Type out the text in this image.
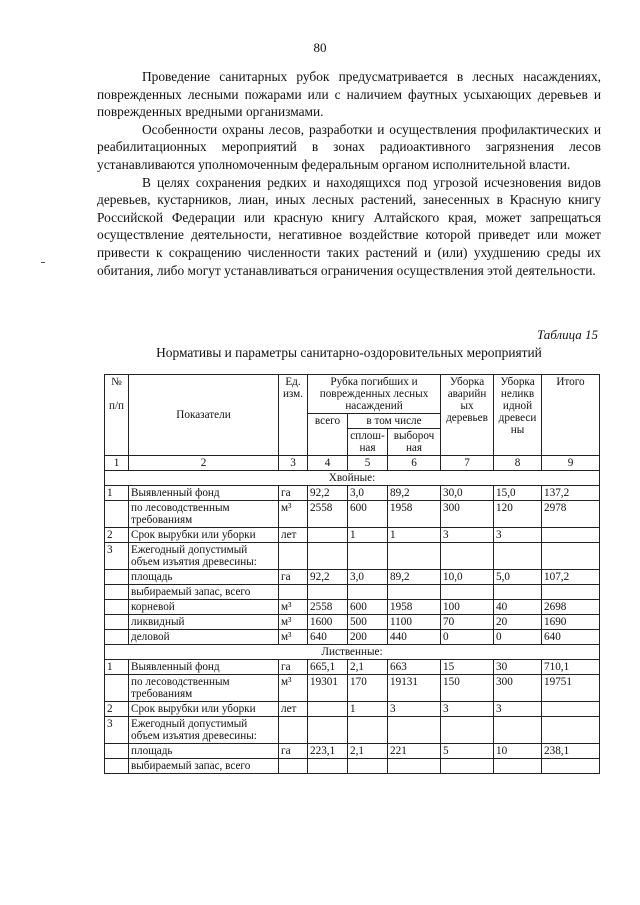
80

Проведение санитарных рубок предусматривается в лесных насаждениях, поврежденных лесными пожарами или с наличием фаутных усыхающих деревьев и поврежденных вредными организмами.

Особенности охраны лесов, разработки и осуществления профилактических и реабилитационных мероприятий в зонах радиоактивного загрязнения лесов устанавливаются уполномоченным федеральным органом исполнительной власти.

В целях сохранения редких и находящихся под угрозой исчезновения видов деревьев, кустарников, лиан, иных лесных растений, занесенных в Красную книгу Российской Федерации или красную книгу Алтайского края, может запрещаться осуществление деятельности, негативное воздействие которой приведет или может привести к сокращению численности таких растений и (или) ухудшению среды их обитания, либо могут устанавливаться ограничения осуществления этой деятельности.

Таблица 15
Нормативы и параметры санитарно-оздоровительных мероприятий
№

п/п	Показатели	Ед. изм.	Рубка погибших и поврежденных лесных насаждений			Уборка аварийн ых деревьев	Уборка неликв идной древеси ны	Итого
			всего	в том числе				
				сплош-ная	выбороч ная			
1	2	3	4	5	6	7	8	9
Хвойные:								
1	Выявленный фонд	га	92,2	3,0	89,2	30,0	15,0	137,2
	по лесоводственным требованиям	м³	2558	600	1958	300	120	2978
2	Срок вырубки или уборки	лет		1	1	3	3	
3	Ежегодный допустимый объем изъятия древесины:							
	площадь	га	92,2	3,0	89,2	10,0	5,0	107,2
	выбираемый запас, всего							
	корневой	м³	2558	600	1958	100	40	2698
	ликвидный	м³	1600	500	1100	70	20	1690
	деловой	м³	640	200	440	0	0	640
Лиственные:								
1	Выявленный фонд	га	665,1	2,1	663	15	30	710,1
	по лесоводственным требованиям	м³	19301	170	19131	150	300	19751
2	Срок вырубки или уборки	лет		1	3	3	3	
3	Ежегодный допустимый объем изъятия древесины:							
	площадь	га	223,1	2,1	221	5	10	238,1
	выбираемый запас, всего							
